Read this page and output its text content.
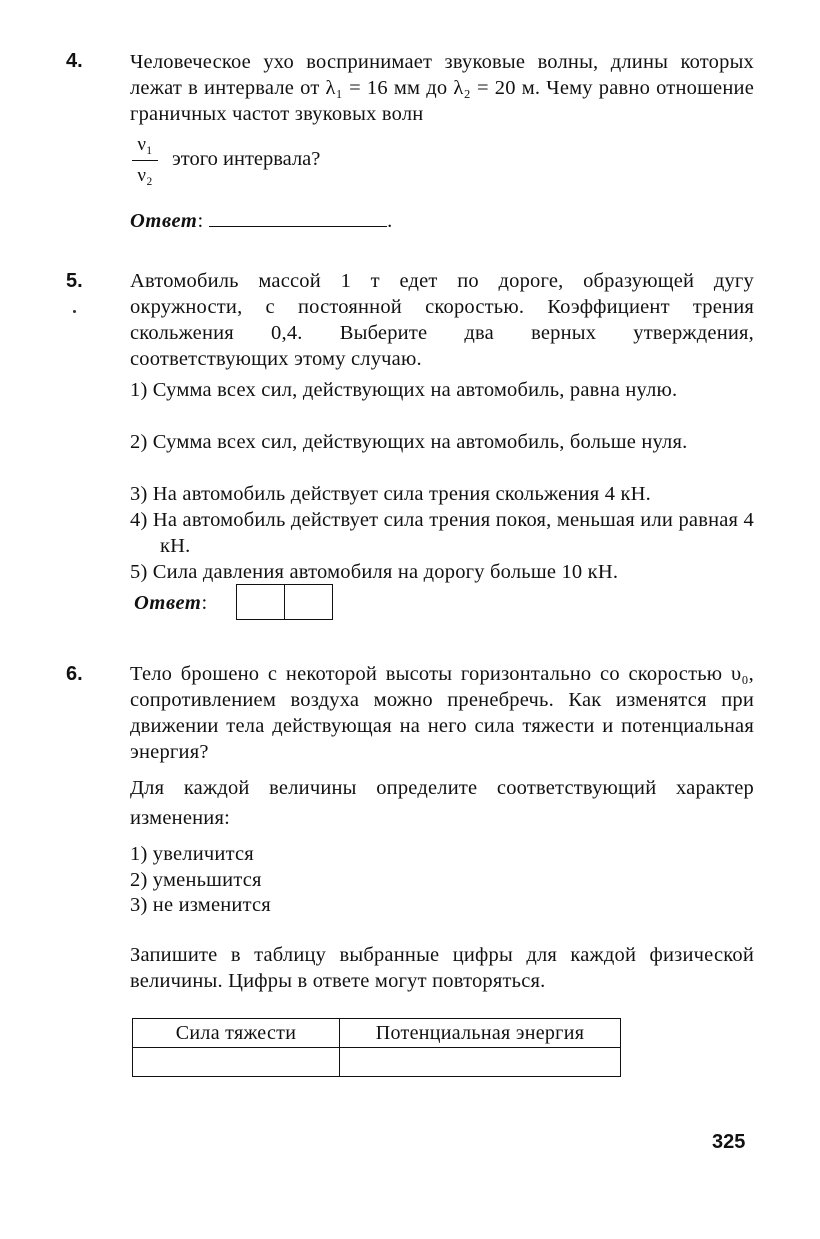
4. Человеческое ухо воспринимает звуковые волны, длины которых лежат в интервале от λ₁ = 16 мм до λ₂ = 20 м. Чему равно отношение граничных частот звуковых волн
ν₁
ν₂
этого интервала?
Ответ:	.
5. Автомобиль массой 1 т едет по дороге, образующей дугу окружности, с постоянной скоростью. Коэффициент трения скольжения 0,4. Выберите два верных утверждения, соответствующих этому случаю.
1) Сумма всех сил, действующих на автомобиль, равна нулю.
2) Сумма всех сил, действующих на автомобиль, больше нуля.
3) На автомобиль действует сила трения скольжения 4 кН.
4) На автомобиль действует сила трения покоя, меньшая или равная 4 кН.
5) Сила давления автомобиля на дорогу больше 10 кН.
Ответ:
6. Тело брошено с некоторой высоты горизонтально со скоростью υ₀, сопротивлением воздуха можно пренебречь. Как изменятся при движении тела действующая на него сила тяжести и потенциальная энергия?
Для каждой величины определите соответствующий характер изменения:
1) увеличится
2) уменьшится
3) не изменится
Запишите в таблицу выбранные цифры для каждой физической величины. Цифры в ответе могут повторяться.
Сила тяжести	Потенциальная энергия

325
